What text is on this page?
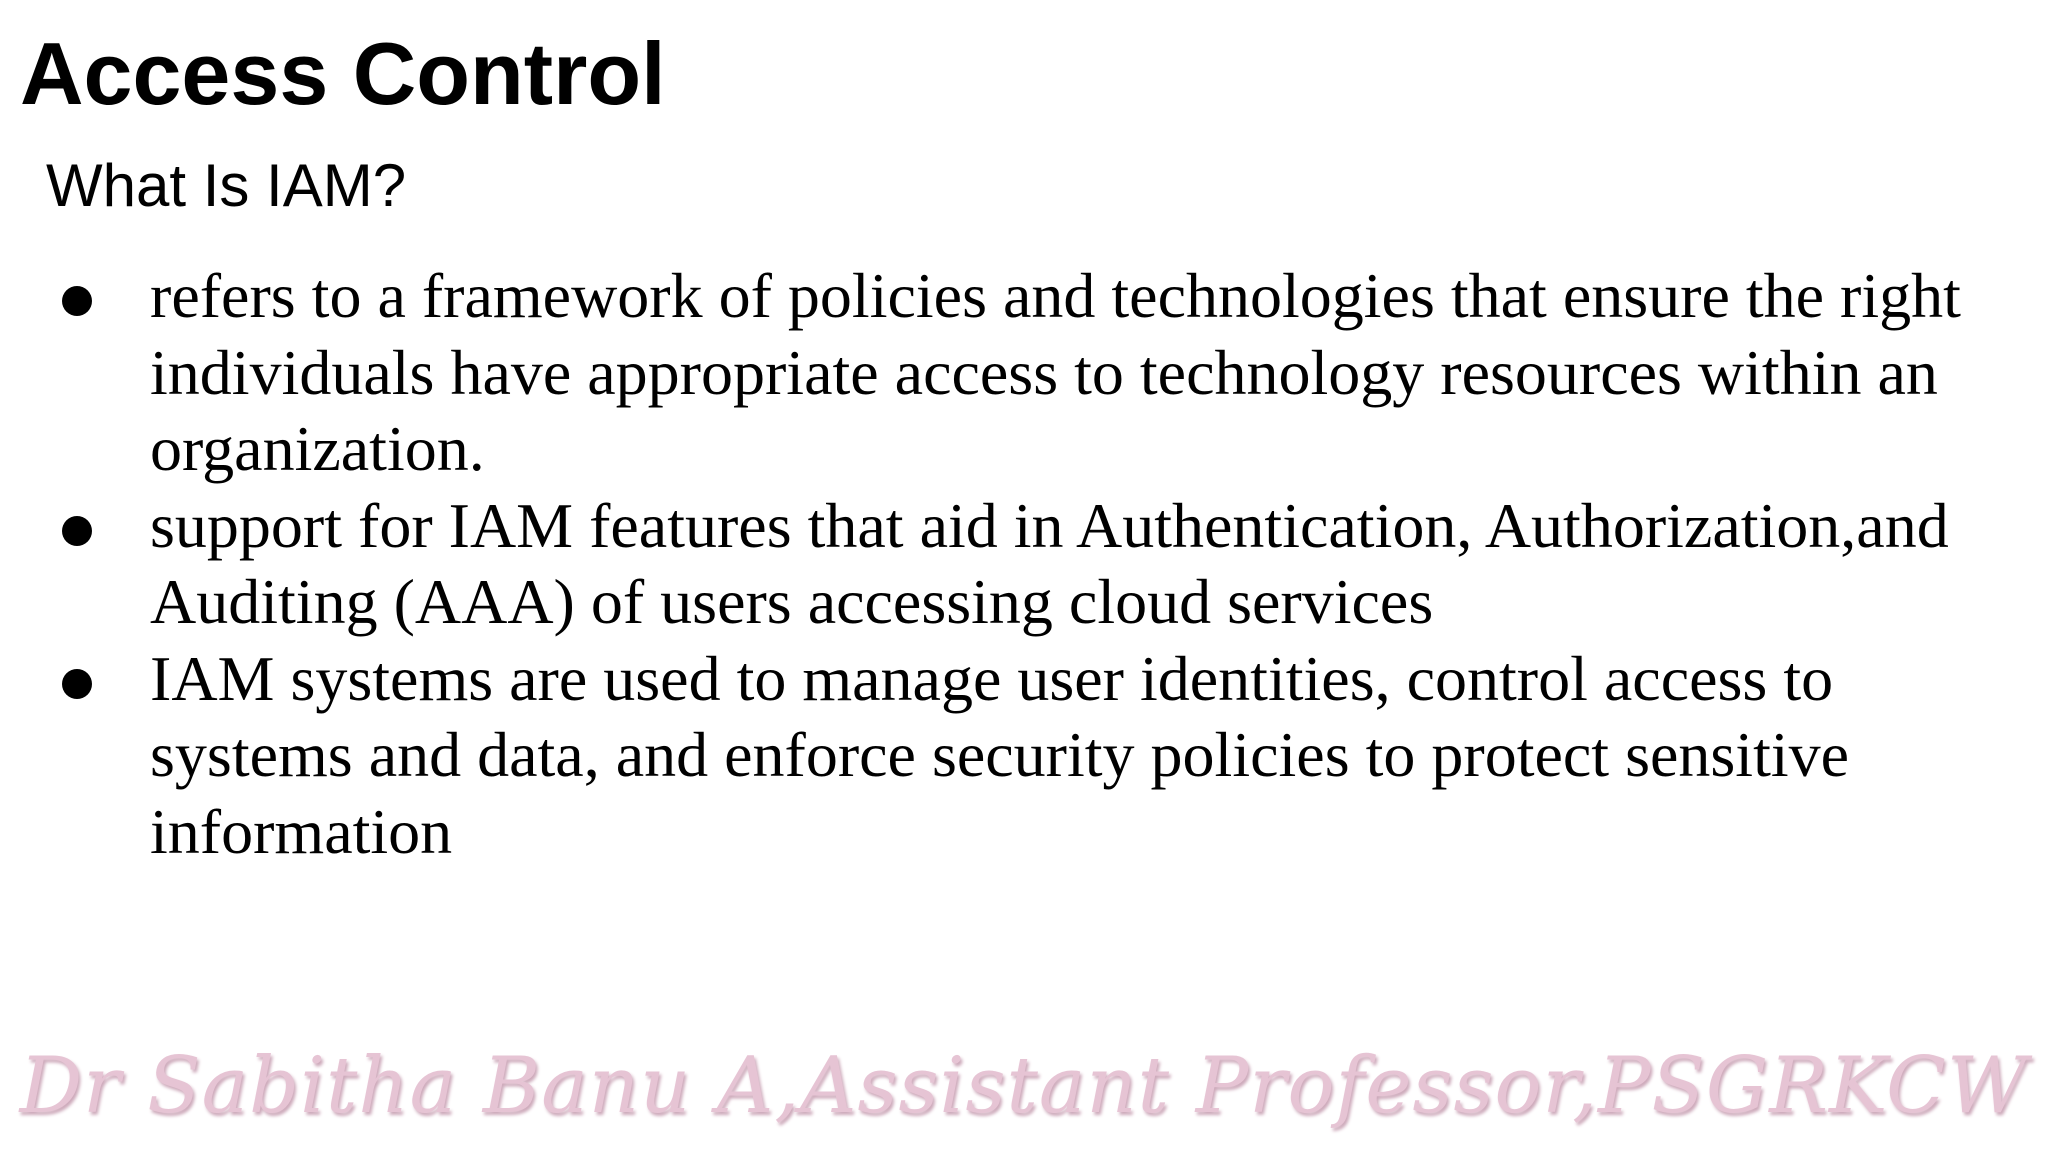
Access Control
What Is IAM?
refers to a framework of policies and technologies that ensure the right individuals have appropriate access to technology resources within an organization.
support for IAM features that aid in Authentication, Authorization,and Auditing (AAA) of users accessing cloud services
IAM systems are used to manage user identities, control access to systems and data, and enforce security policies to protect sensitive information
Dr Sabitha Banu A,Assistant Professor,PSGRKCW
